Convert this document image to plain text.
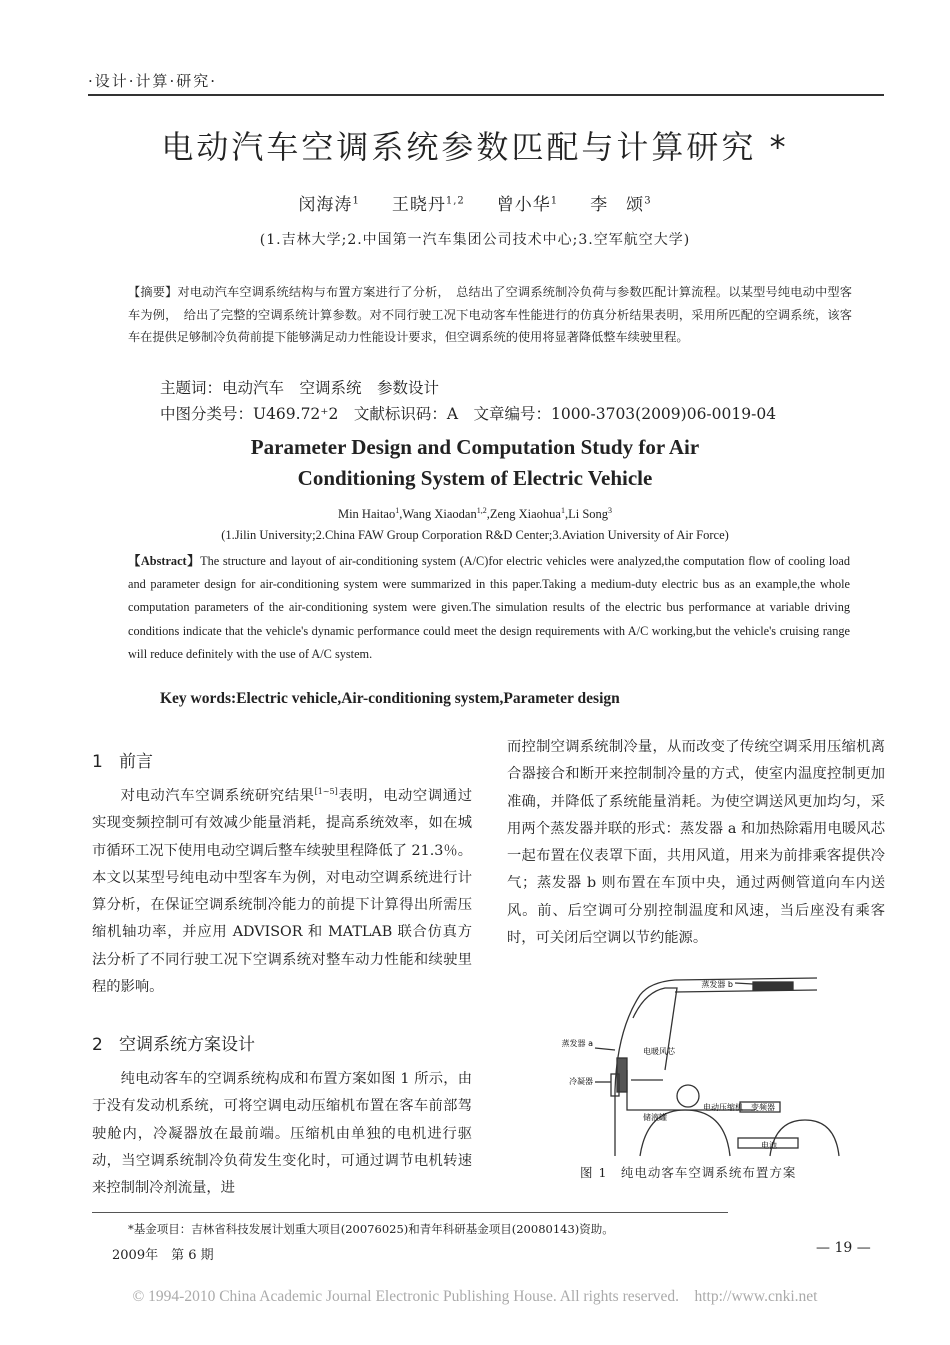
·设计·计算·研究·
电动汽车空调系统参数匹配与计算研究 *
闵海涛$^1$ 王晓丹$^{1,2}$ 曾小华$^1$ 李　颂$^3$
(1.吉林大学;2.中国第一汽车集团公司技术中心;3.空军航空大学)
【摘要】对电动汽车空调系统结构与布置方案进行了分析，　总结出了空调系统制冷负荷与参数匹配计算流程。以某型号纯电动中型客车为例，　给出了完整的空调系统计算参数。对不同行驶工况下电动客车性能进行的仿真分析结果表明，采用所匹配的空调系统，该客车在提供足够制冷负荷前提下能够满足动力性能设计要求，但空调系统的使用将显著降低整车续驶里程。
主题词：电动汽车　空调系统　参数设计
中图分类号：U469.72⁺2　文献标识码：A　文章编号：1000-3703(2009)06-0019-04
Parameter Design and Computation Study for Air
Conditioning System of Electric Vehicle
Min Haitao$^1$,Wang Xiaodan$^{1,2}$,Zeng Xiaohua$^1$,Li Song$^3$
(1.Jilin University;2.China FAW Group Corporation R&D Center;3.Aviation University of Air Force)
【Abstract】The structure and layout of air-conditioning system (A/C)for electric vehicles were analyzed,the computation flow of cooling load and parameter design for air-conditioning system were summarized in this paper.Taking a medium-duty electric bus as an example,the whole computation parameters of the air-conditioning system were given.The simulation results of the electric bus performance at variable driving conditions indicate that the vehicle's dynamic performance could meet the design requirements with A/C working,but the vehicle's cruising range will reduce definitely with the use of A/C system.
Key words:Electric vehicle,Air-conditioning system,Parameter design
1 前言
对电动汽车空调系统研究结果[1~5]表明，电动空调通过实现变频控制可有效减少能量消耗，提高系统效率，如在城市循环工况下使用电动空调后整车续驶里程降低了 21.3％。本文以某型号纯电动中型客车为例，对电动空调系统进行计算分析，在保证空调系统制冷能力的前提下计算得出所需压缩机轴功率，并应用 ADVISOR 和 MATLAB 联合仿真方法分析了不同行驶工况下空调系统对整车动力性能和续驶里程的影响。
2 空调系统方案设计
纯电动客车的空调系统构成和布置方案如图 1 所示，由于没有发动机系统，可将空调电动压缩机布置在客车前部驾驶舱内，冷凝器放在最前端。压缩机由单独的电机进行驱动，当空调系统制冷负荷发生变化时，可通过调节电机转速来控制制冷剂流量，进
而控制空调系统制冷量，从而改变了传统空调采用压缩机离合器接合和断开来控制制冷量的方式，使室内温度控制更加准确，并降低了系统能量消耗。为使空调送风更加均匀，采用两个蒸发器并联的形式：蒸发器 a 和加热除霜用电暖风芯一起布置在仪表罩下面，共用风道，用来为前排乘客提供冷气；蒸发器 b 则布置在车顶中央，通过两侧管道向车内送风。前、后空调可分别控制温度和风速，当后座没有乘客时，可关闭后空调以节约能源。
蒸发器 b
蒸发器 a
电暖风芯
冷凝器
电动压缩机 变频器
储液罐
电池
图 1　纯电动客车空调系统布置方案
*基金项目：吉林省科技发展计划重大项目(20076025)和青年科研基金项目(20080143)资助。
2009年　第 6 期	— 19 —
© 1994-2010 China Academic Journal Electronic Publishing House. All rights reserved.　http://www.cnki.net
